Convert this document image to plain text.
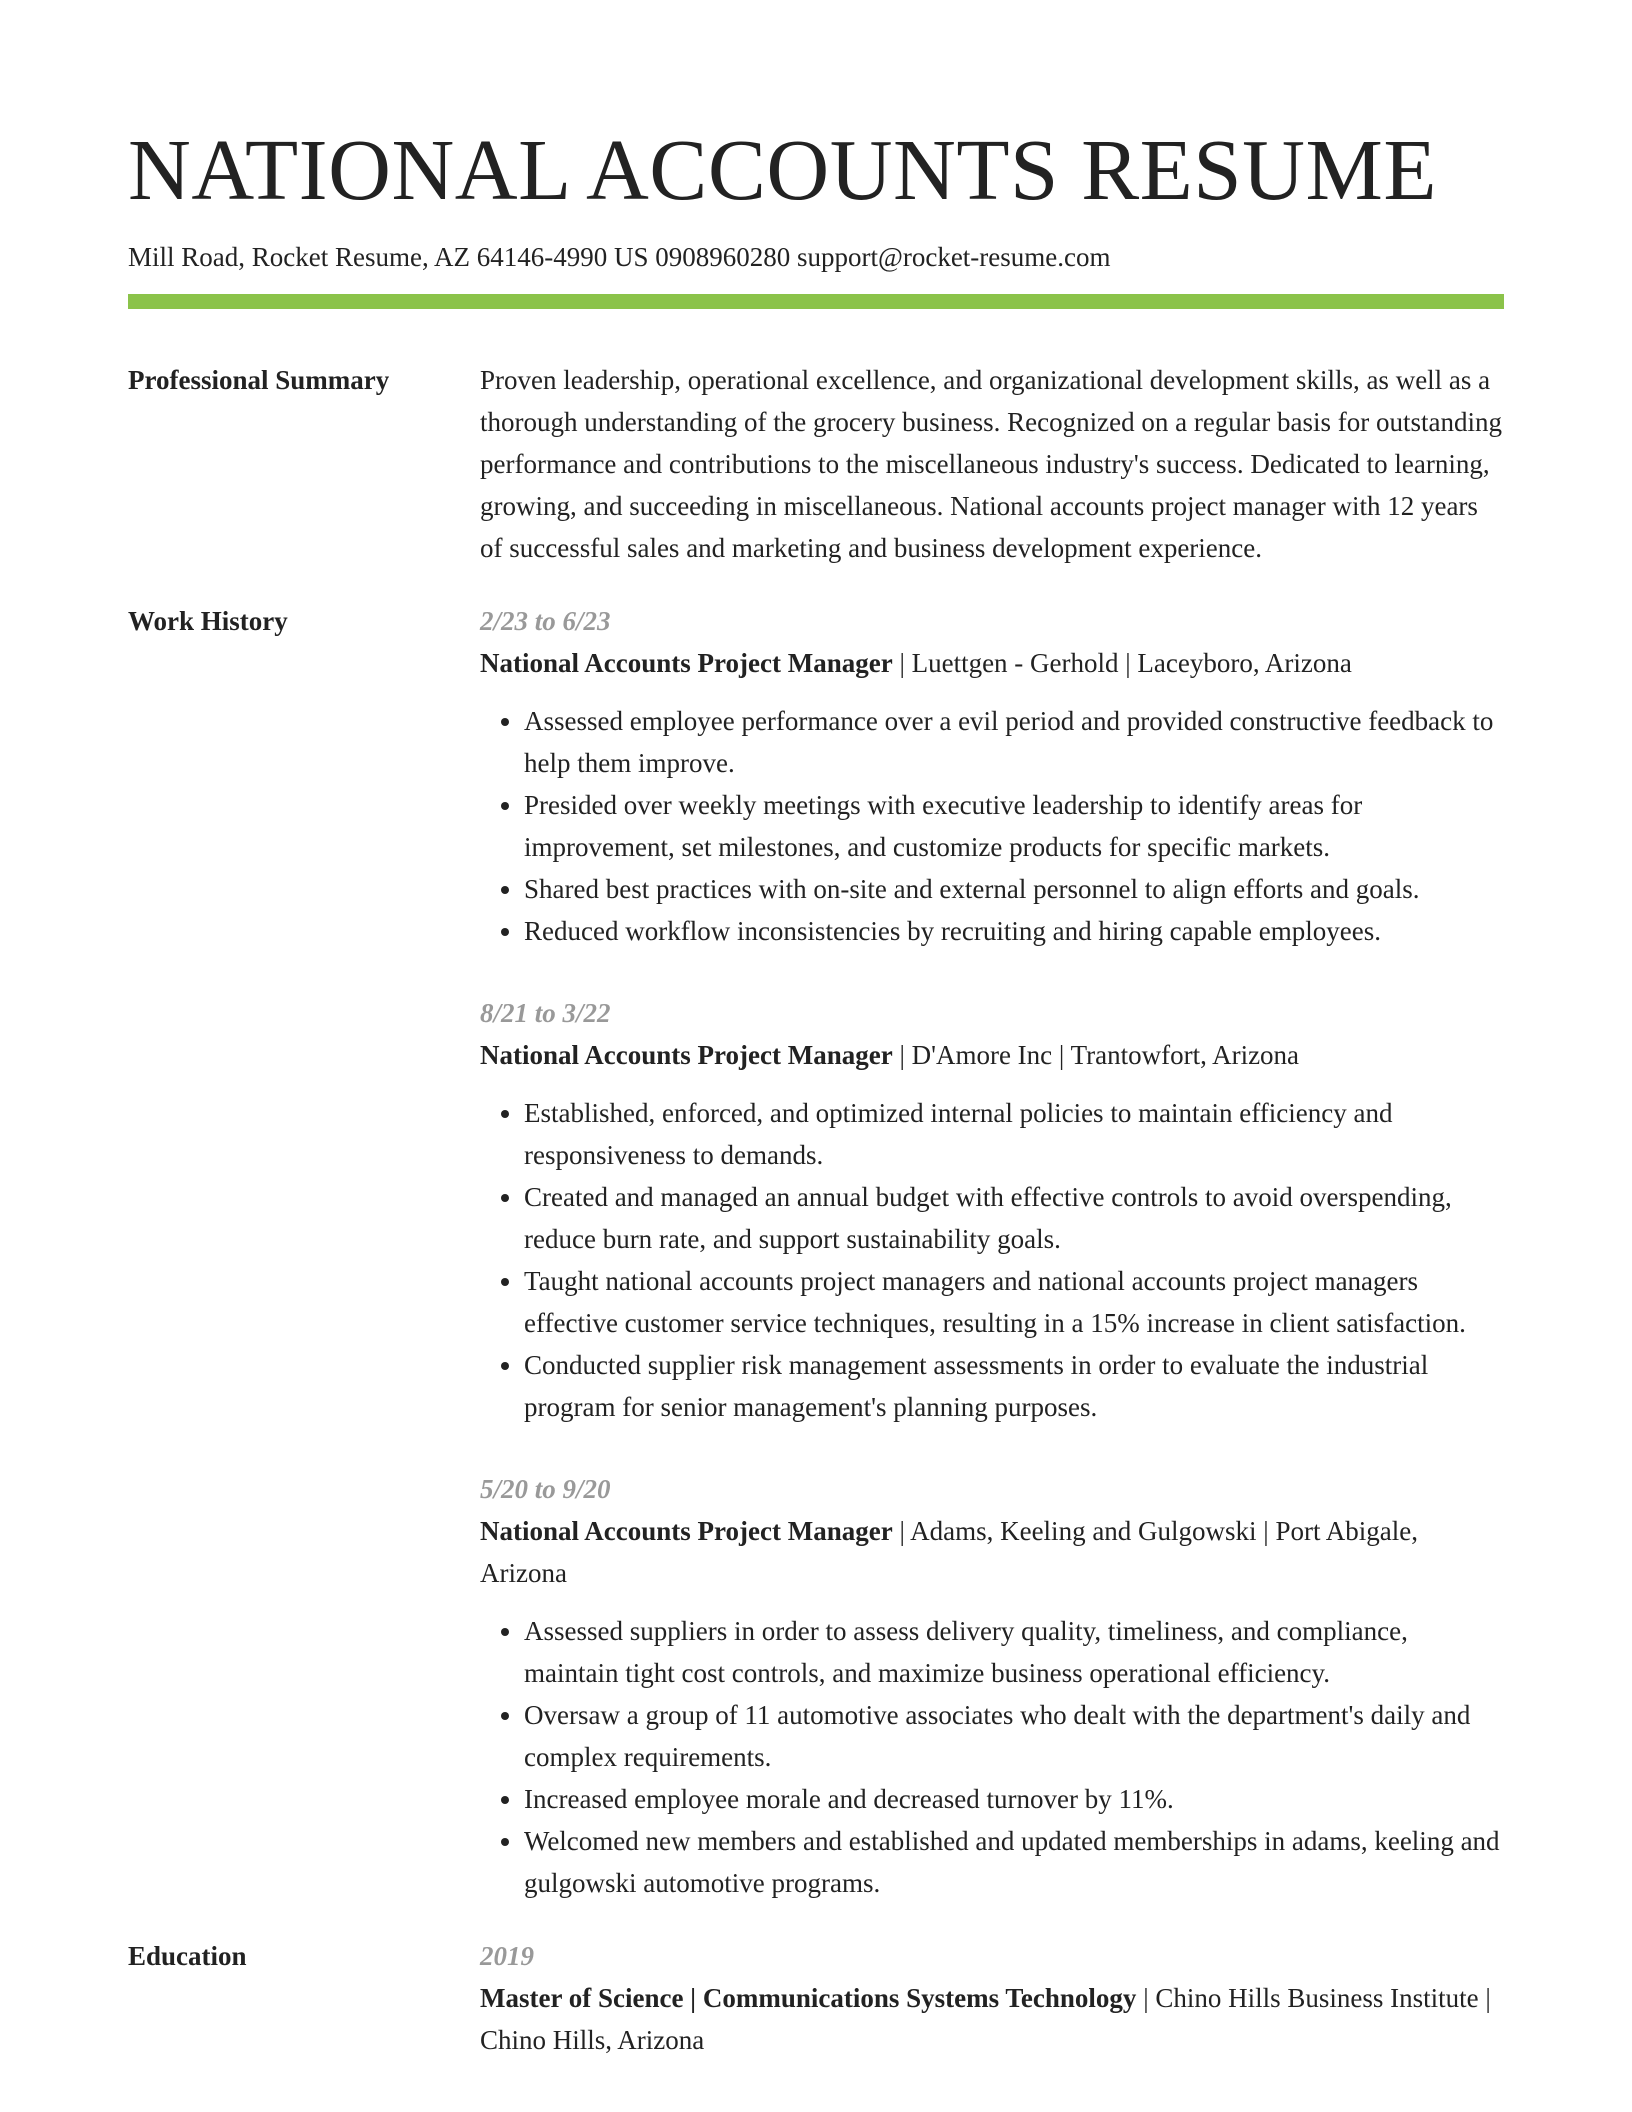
NATIONAL ACCOUNTS RESUME
Mill Road, Rocket Resume, AZ 64146-4990 US 0908960280 support@rocket-resume.com
Professional Summary	Proven leadership, operational excellence, and organizational development skills, as well as a thorough understanding of the grocery business. Recognized on a regular basis for outstanding performance and contributions to the miscellaneous industry's success. Dedicated to learning, growing, and succeeding in miscellaneous. National accounts project manager with 12 years of successful sales and marketing and business development experience.
Work History	2/23 to 6/23
National Accounts Project Manager | Luettgen - Gerhold | Laceyboro, Arizona
• Assessed employee performance over a evil period and provided constructive feedback to help them improve.
• Presided over weekly meetings with executive leadership to identify areas for improvement, set milestones, and customize products for specific markets.
• Shared best practices with on-site and external personnel to align efforts and goals.
• Reduced workflow inconsistencies by recruiting and hiring capable employees.
8/21 to 3/22
National Accounts Project Manager | D'Amore Inc | Trantowfort, Arizona
• Established, enforced, and optimized internal policies to maintain efficiency and responsiveness to demands.
• Created and managed an annual budget with effective controls to avoid overspending, reduce burn rate, and support sustainability goals.
• Taught national accounts project managers and national accounts project managers effective customer service techniques, resulting in a 15% increase in client satisfaction.
• Conducted supplier risk management assessments in order to evaluate the industrial program for senior management's planning purposes.
5/20 to 9/20
National Accounts Project Manager | Adams, Keeling and Gulgowski | Port Abigale, Arizona
• Assessed suppliers in order to assess delivery quality, timeliness, and compliance, maintain tight cost controls, and maximize business operational efficiency.
• Oversaw a group of 11 automotive associates who dealt with the department's daily and complex requirements.
• Increased employee morale and decreased turnover by 11%.
• Welcomed new members and established and updated memberships in adams, keeling and gulgowski automotive programs.
Education	2019
Master of Science | Communications Systems Technology | Chino Hills Business Institute | Chino Hills, Arizona
